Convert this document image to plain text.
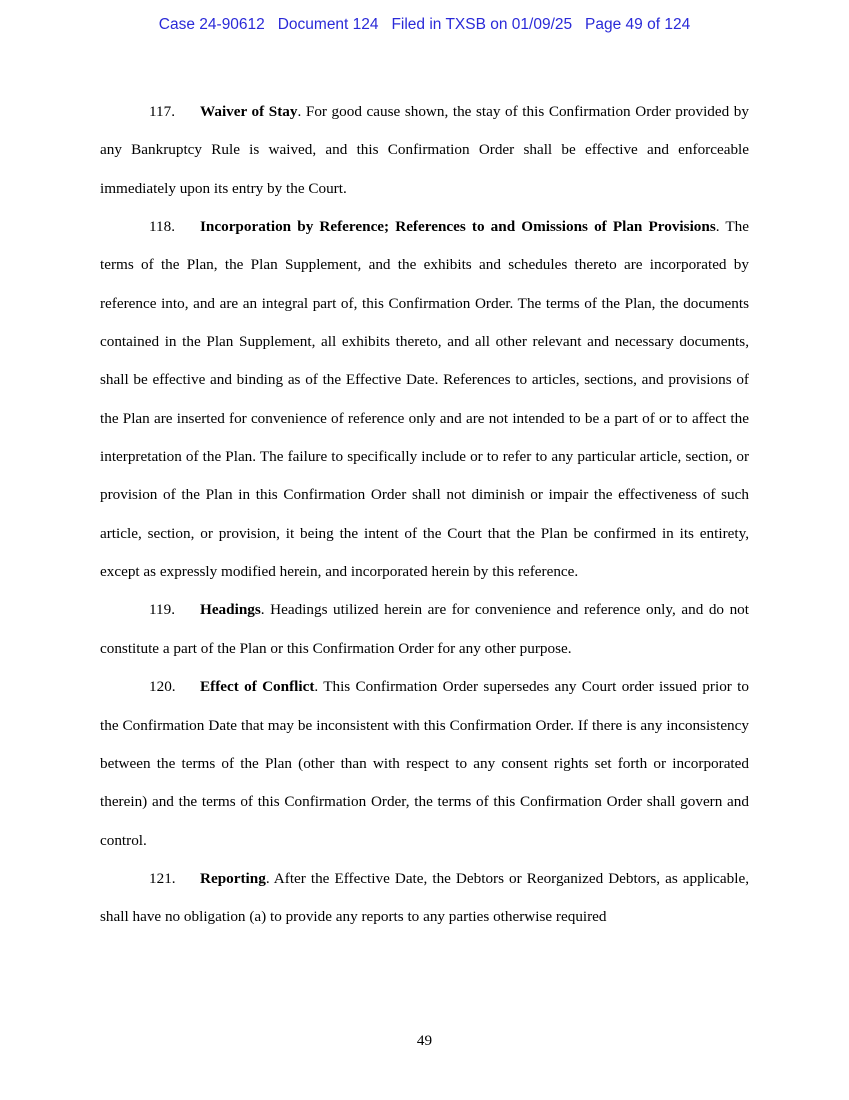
Case 24-90612 Document 124 Filed in TXSB on 01/09/25 Page 49 of 124

117. Waiver of Stay. For good cause shown, the stay of this Confirmation Order provided by any Bankruptcy Rule is waived, and this Confirmation Order shall be effective and enforceable immediately upon its entry by the Court.

118. Incorporation by Reference; References to and Omissions of Plan Provisions. The terms of the Plan, the Plan Supplement, and the exhibits and schedules thereto are incorporated by reference into, and are an integral part of, this Confirmation Order. The terms of the Plan, the documents contained in the Plan Supplement, all exhibits thereto, and all other relevant and necessary documents, shall be effective and binding as of the Effective Date. References to articles, sections, and provisions of the Plan are inserted for convenience of reference only and are not intended to be a part of or to affect the interpretation of the Plan. The failure to specifically include or to refer to any particular article, section, or provision of the Plan in this Confirmation Order shall not diminish or impair the effectiveness of such article, section, or provision, it being the intent of the Court that the Plan be confirmed in its entirety, except as expressly modified herein, and incorporated herein by this reference.

119. Headings. Headings utilized herein are for convenience and reference only, and do not constitute a part of the Plan or this Confirmation Order for any other purpose.

120. Effect of Conflict. This Confirmation Order supersedes any Court order issued prior to the Confirmation Date that may be inconsistent with this Confirmation Order. If there is any inconsistency between the terms of the Plan (other than with respect to any consent rights set forth or incorporated therein) and the terms of this Confirmation Order, the terms of this Confirmation Order shall govern and control.

121. Reporting. After the Effective Date, the Debtors or Reorganized Debtors, as applicable, shall have no obligation (a) to provide any reports to any parties otherwise required

49
